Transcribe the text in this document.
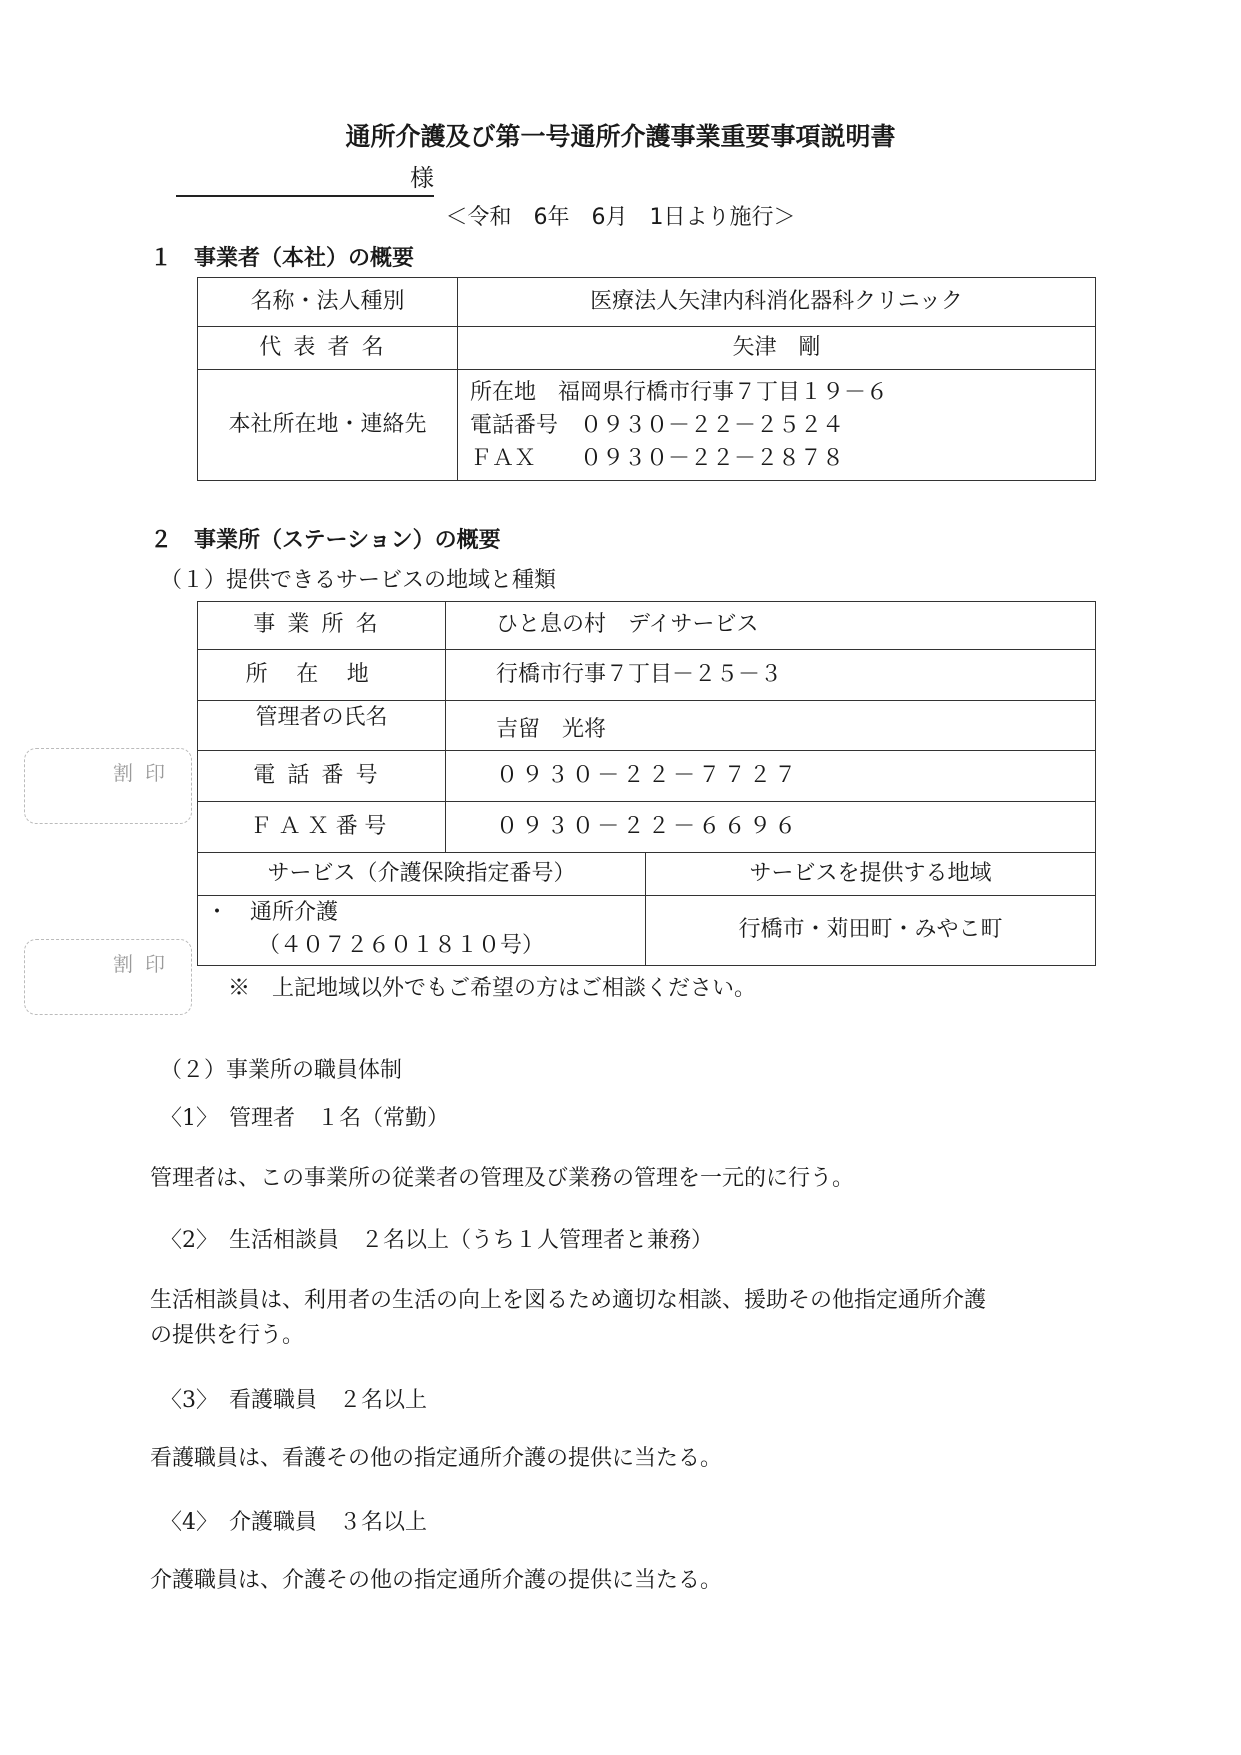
通所介護及び第一号通所介護事業重要事項説明書
様
＜令和　6年　6月　1日より施行＞
１　事業者（本社）の概要
名称・法人種別	医療法人矢津内科消化器科クリニック
代表者名	矢津　剛
本社所在地・連絡先	所在地　福岡県行橋市行事７丁目１９－６
電話番号　０９３０－２２－２５２４
ＦＡＸ　　０９３０－２２－２８７８
２　事業所（ステーション）の概要
（１）提供できるサービスの地域と種類
事業所名	ひと息の村　デイサービス	
所在地	行橋市行事７丁目－２５－３	
管理者の氏名	吉留　光将	
電話番号	０９３０－２２－７７２７	
ＦＡＸ番号	０９３０－２２－６６９６	
サービス（介護保険指定番号）		サービスを提供する地域

・　通所介護
（４０７２６０１８１０号）		行橋市・苅田町・みやこ町
割印
割印
※　上記地域以外でもご希望の方はご相談ください。
（２）事業所の職員体制
〈1〉　管理者　１名（常勤）
管理者は、この事業所の従業者の管理及び業務の管理を一元的に行う。
〈2〉　生活相談員　２名以上（うち１人管理者と兼務）
生活相談員は、利用者の生活の向上を図るため適切な相談、援助その他指定通所介護
の提供を行う。
〈3〉　看護職員　２名以上
看護職員は、看護その他の指定通所介護の提供に当たる。
〈4〉　介護職員　３名以上
介護職員は、介護その他の指定通所介護の提供に当たる。
